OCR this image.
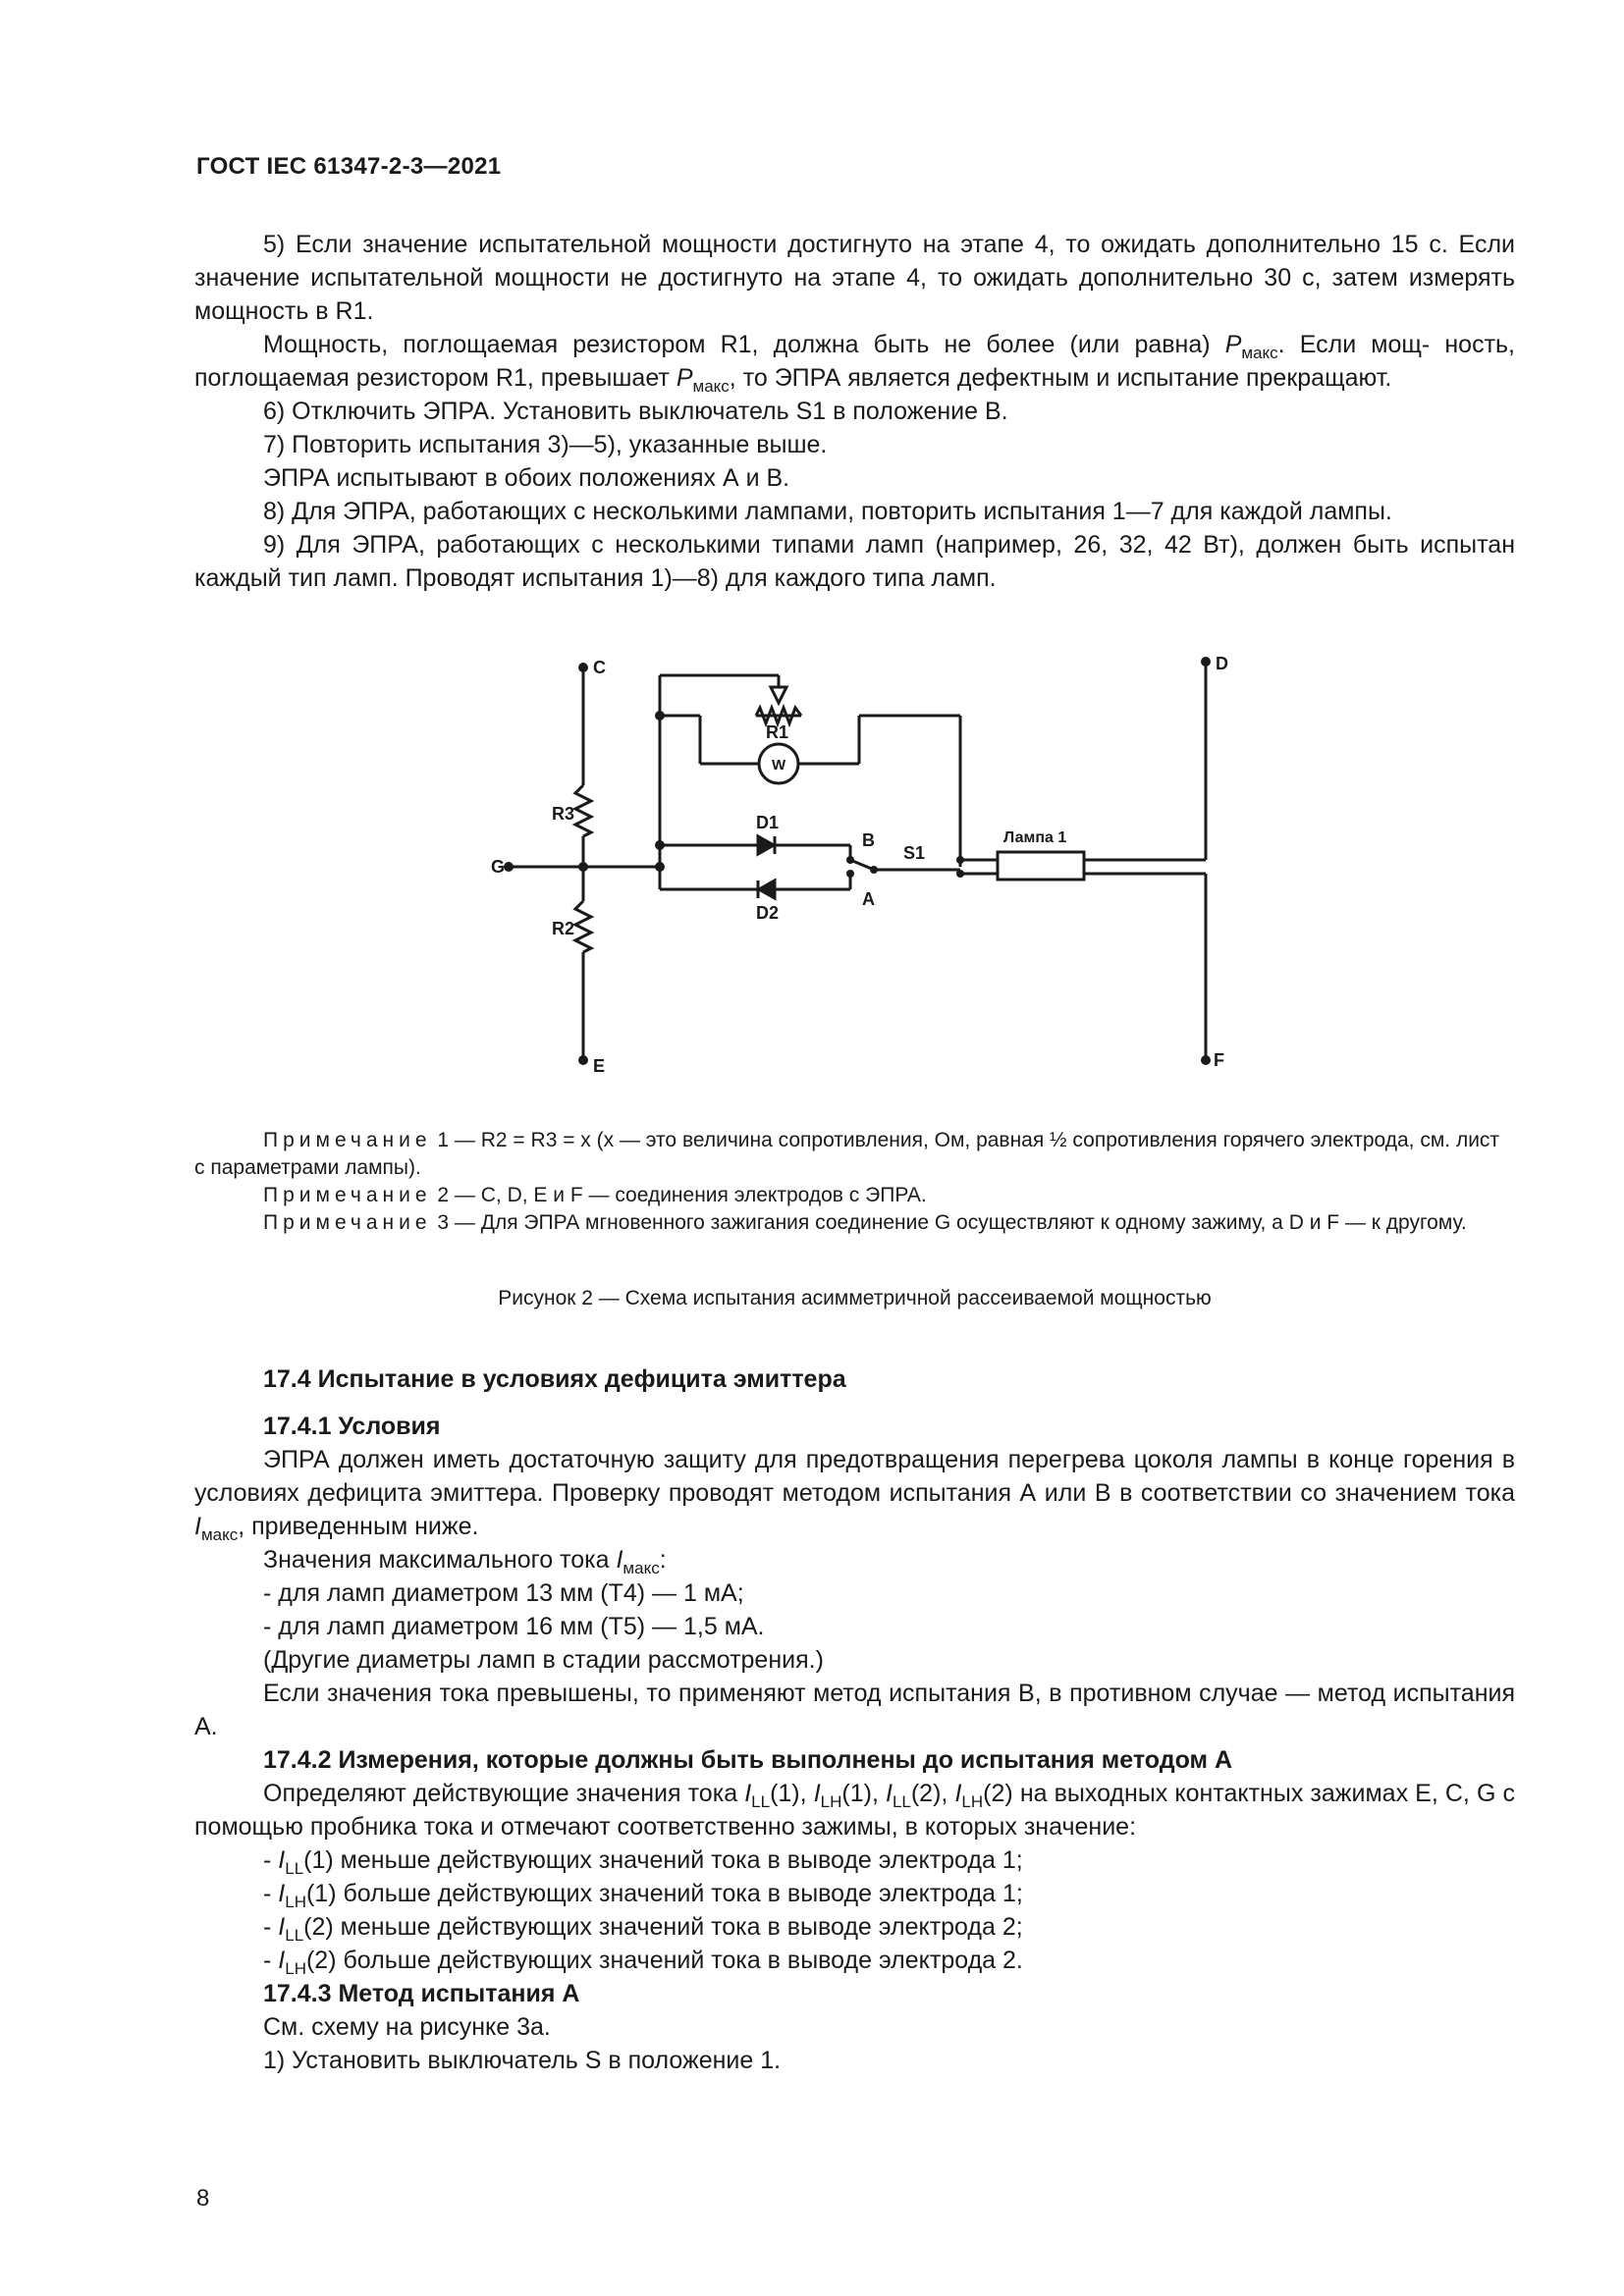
ГОСТ IEC 61347-2-3—2021

5) Если значение испытательной мощности достигнуто на этапе 4, то ожидать дополнительно 15 с. Если значение испытательной мощности не достигнуто на этапе 4, то ожидать дополнительно 30 с, затем измерять мощность в R1.

Мощность, поглощаемая резистором R1, должна быть не более (или равна) $P_{макс}$. Если мощ- ность, поглощаемая резистором R1, превышает $P_{макс}$, то ЭПРА является дефектным и испытание прекращают.

6) Отключить ЭПРА. Установить выключатель S1 в положение В.

7) Повторить испытания 3)—5), указанные выше.

ЭПРА испытывают в обоих положениях А и В.

8) Для ЭПРА, работающих с несколькими лампами, повторить испытания 1—7 для каждой лампы.

9) Для ЭПРА, работающих с несколькими типами ламп (например, 26, 32, 42 Вт), должен быть испытан каждый тип ламп. Проводят испытания 1)—8) для каждого типа ламп.

C	D
E	F
G
R3
R2
R1
W
D1
D2
B
A
S1
Лампа 1

Примечание 1 — R2 = R3 = x (x — это величина сопротивления, Ом, равная ½ сопротивления горячего электрода, см. лист с параметрами лампы).

Примечание 2 — C, D, E и F — соединения электродов с ЭПРА.

Примечание 3 — Для ЭПРА мгновенного зажигания соединение G осуществляют к одному зажиму, а D и F — к другому.

Рисунок 2 — Схема испытания асимметричной рассеиваемой мощностью

17.4 Испытание в условиях дефицита эмиттера

17.4.1 Условия

ЭПРА должен иметь достаточную защиту для предотвращения перегрева цоколя лампы в конце горения в условиях дефицита эмиттера. Проверку проводят методом испытания А или В в соответствии со значением тока $I_{макс}$, приведенным ниже.

Значения максимального тока $I_{макс}$:

- для ламп диаметром 13 мм (Т4) — 1 мА;

- для ламп диаметром 16 мм (Т5) — 1,5 мА.

(Другие диаметры ламп в стадии рассмотрения.)

Если значения тока превышены, то применяют метод испытания В, в противном случае — метод испытания А.

17.4.2 Измерения, которые должны быть выполнены до испытания методом А

Определяют действующие значения тока $I_{LL}(1)$, $I_{LH}(1)$, $I_{LL}(2)$, $I_{LH}(2)$ на выходных контактных зажимах E, C, G с помощью пробника тока и отмечают соответственно зажимы, в которых значение:

- $I_{LL}(1)$ меньше действующих значений тока в выводе электрода 1;

- $I_{LH}(1)$ больше действующих значений тока в выводе электрода 1;

- $I_{LL}(2)$ меньше действующих значений тока в выводе электрода 2;

- $I_{LH}(2)$ больше действующих значений тока в выводе электрода 2.

17.4.3 Метод испытания А

См. схему на рисунке 3а.

1) Установить выключатель S в положение 1.

8
